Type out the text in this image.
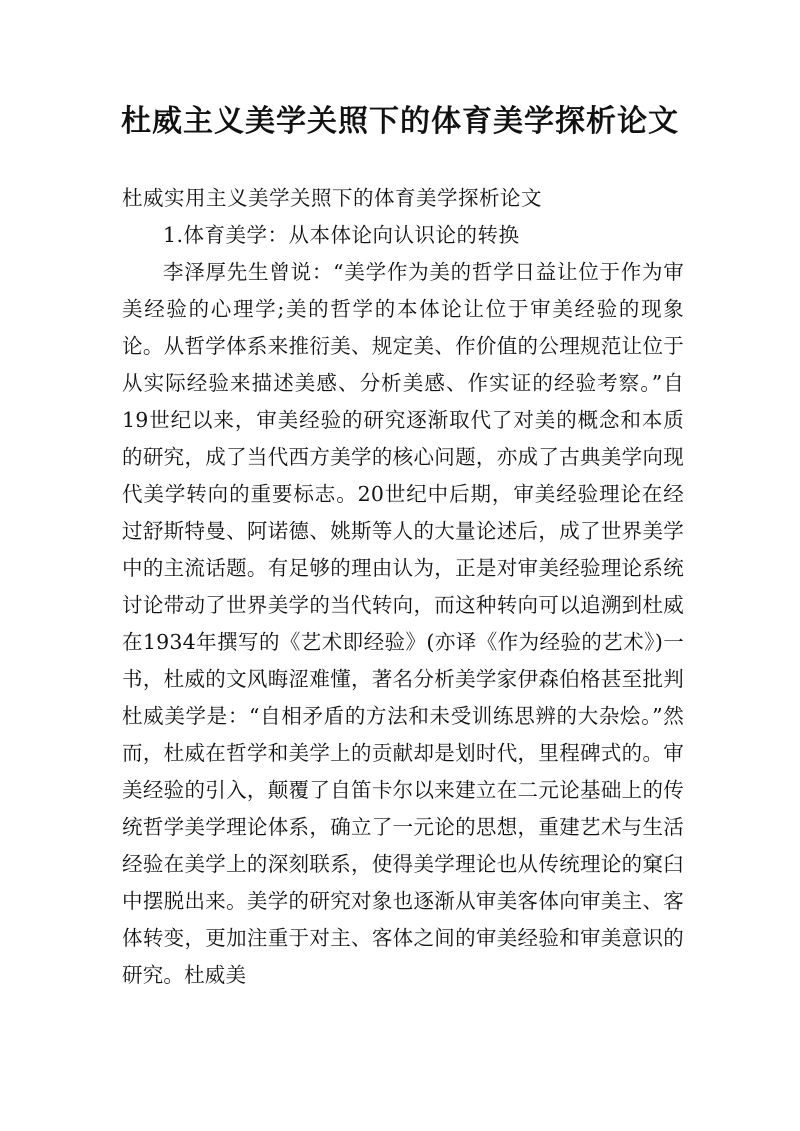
杜威主义美学关照下的体育美学探析论文

杜威实用主义美学关照下的体育美学探析论文

1.体育美学：从本体论向认识论的转换

李泽厚先生曾说：“美学作为美的哲学日益让位于作为审美经验的心理学;美的哲学的本体论让位于审美经验的现象论。从哲学体系来推衍美、规定美、作价值的公理规范让位于从实际经验来描述美感、分析美感、作实证的经验考察。”自19世纪以来，审美经验的研究逐渐取代了对美的概念和本质的研究，成了当代西方美学的核心问题，亦成了古典美学向现代美学转向的重要标志。20世纪中后期，审美经验理论在经过舒斯特曼、阿诺德、姚斯等人的大量论述后，成了世界美学中的主流话题。有足够的理由认为，正是对审美经验理论系统讨论带动了世界美学的当代转向，而这种转向可以追溯到杜威在1934年撰写的《艺术即经验》(亦译《作为经验的艺术》)一书，杜威的文风晦涩难懂，著名分析美学家伊森伯格甚至批判杜威美学是：“自相矛盾的方法和未受训练思辨的大杂烩。”然而，杜威在哲学和美学上的贡献却是划时代，里程碑式的。审美经验的引入，颠覆了自笛卡尔以来建立在二元论基础上的传统哲学美学理论体系，确立了一元论的思想，重建艺术与生活经验在美学上的深刻联系，使得美学理论也从传统理论的窠臼中摆脱出来。美学的研究对象也逐渐从审美客体向审美主、客体转变，更加注重于对主、客体之间的审美经验和审美意识的研究。杜威美
